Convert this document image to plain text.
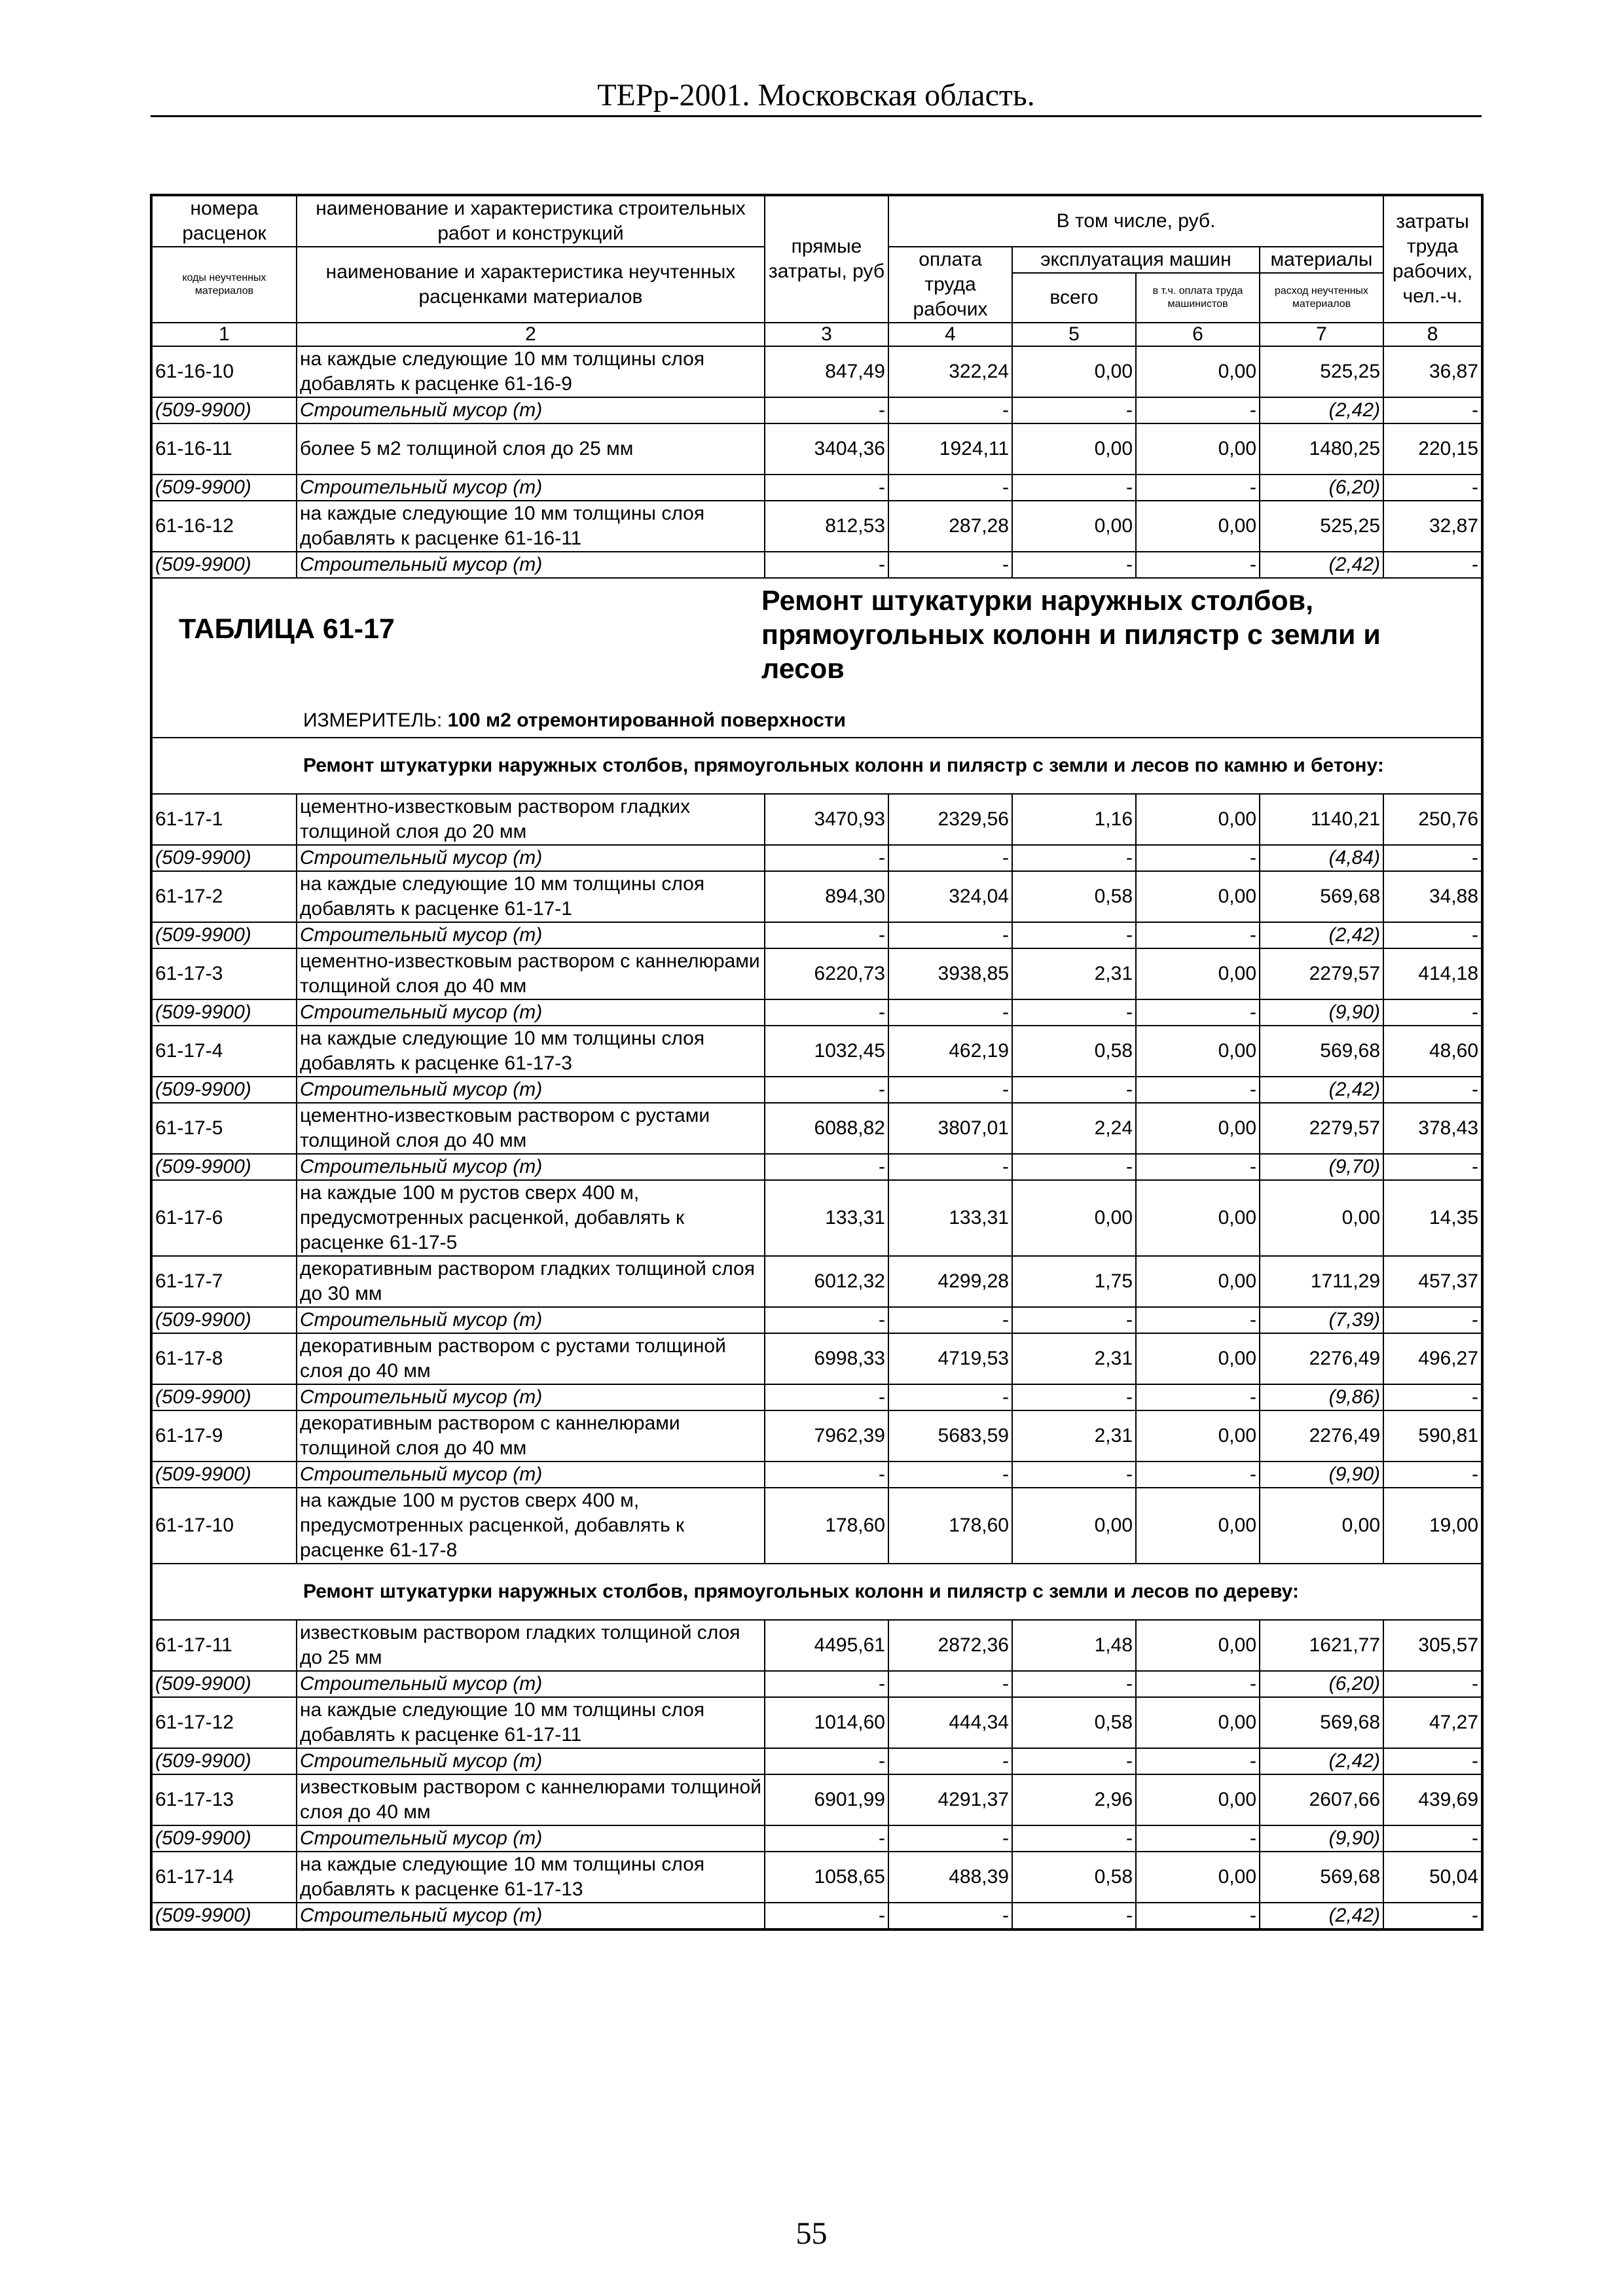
ТЕРр-2001. Московская область.
номера расценок	наименование и характеристика строительных работ и конструкций	прямые затраты, руб	В том числе, руб.				затраты труда рабочих, чел.-ч.
коды неучтенных материалов	наименование и характеристика неучтенных расценками материалов		оплата труда рабочих	эксплуатация машин		материалы	
				всего	в т.ч. оплата труда машинистов	расход неучтенных материалов	

1	2	3	4	5	6	7	8
61-16-10	на каждые следующие 10 мм толщины слоя добавлять к расценке 61-16-9	847,49	322,24	0,00	0,00	525,25	36,87
(509-9900)	Строительный мусор (т)	-	-	-	-	(2,42)	-
61-16-11	более 5 м2 толщиной слоя до 25 мм	3404,36	1924,11	0,00	0,00	1480,25	220,15
(509-9900)	Строительный мусор (т)	-	-	-	-	(6,20)	-
61-16-12	на каждые следующие 10 мм толщины слоя добавлять к расценке 61-16-11	812,53	287,28	0,00	0,00	525,25	32,87
(509-9900)	Строительный мусор (т)	-	-	-	-	(2,42)	-

ТАБЛИЦА 61-17
Ремонт штукатурки наружных столбов, прямоугольных колонн и пилястр с земли и лесов
ИЗМЕРИТЕЛЬ: 100 м2 отремонтированной поверхности							

Ремонт штукатурки наружных столбов, прямоугольных колонн и пилястр с земли и лесов по камню и бетону:							
61-17-1	цементно-известковым раствором гладких толщиной слоя до 20 мм	3470,93	2329,56	1,16	0,00	1140,21	250,76
(509-9900)	Строительный мусор (т)	-	-	-	-	(4,84)	-
61-17-2	на каждые следующие 10 мм толщины слоя добавлять к расценке 61-17-1	894,30	324,04	0,58	0,00	569,68	34,88
(509-9900)	Строительный мусор (т)	-	-	-	-	(2,42)	-
61-17-3	цементно-известковым раствором с каннелюрами толщиной слоя до 40 мм	6220,73	3938,85	2,31	0,00	2279,57	414,18
(509-9900)	Строительный мусор (т)	-	-	-	-	(9,90)	-
61-17-4	на каждые следующие 10 мм толщины слоя добавлять к расценке 61-17-3	1032,45	462,19	0,58	0,00	569,68	48,60
(509-9900)	Строительный мусор (т)	-	-	-	-	(2,42)	-
61-17-5	цементно-известковым раствором с рустами толщиной слоя до 40 мм	6088,82	3807,01	2,24	0,00	2279,57	378,43
(509-9900)	Строительный мусор (т)	-	-	-	-	(9,70)	-
61-17-6	на каждые 100 м рустов сверх 400 м, предусмотренных расценкой, добавлять к расценке 61-17-5	133,31	133,31	0,00	0,00	0,00	14,35
61-17-7	декоративным раствором гладких толщиной слоя до 30 мм	6012,32	4299,28	1,75	0,00	1711,29	457,37
(509-9900)	Строительный мусор (т)	-	-	-	-	(7,39)	-
61-17-8	декоративным раствором с рустами толщиной слоя до 40 мм	6998,33	4719,53	2,31	0,00	2276,49	496,27
(509-9900)	Строительный мусор (т)	-	-	-	-	(9,86)	-
61-17-9	декоративным раствором с каннелюрами толщиной слоя до 40 мм	7962,39	5683,59	2,31	0,00	2276,49	590,81
(509-9900)	Строительный мусор (т)	-	-	-	-	(9,90)	-
61-17-10	на каждые 100 м рустов сверх 400 м, предусмотренных расценкой, добавлять к расценке 61-17-8	178,60	178,60	0,00	0,00	0,00	19,00
Ремонт штукатурки наружных столбов, прямоугольных колонн и пилястр с земли и лесов по дереву:							
61-17-11	известковым раствором гладких толщиной слоя до 25 мм	4495,61	2872,36	1,48	0,00	1621,77	305,57
(509-9900)	Строительный мусор (т)	-	-	-	-	(6,20)	-
61-17-12	на каждые следующие 10 мм толщины слоя добавлять к расценке 61-17-11	1014,60	444,34	0,58	0,00	569,68	47,27
(509-9900)	Строительный мусор (т)	-	-	-	-	(2,42)	-
61-17-13	известковым раствором с каннелюрами толщиной слоя до 40 мм	6901,99	4291,37	2,96	0,00	2607,66	439,69
(509-9900)	Строительный мусор (т)	-	-	-	-	(9,90)	-
61-17-14	на каждые следующие 10 мм толщины слоя добавлять к расценке 61-17-13	1058,65	488,39	0,58	0,00	569,68	50,04
(509-9900)	Строительный мусор (т)	-	-	-	-	(2,42)	-
55
